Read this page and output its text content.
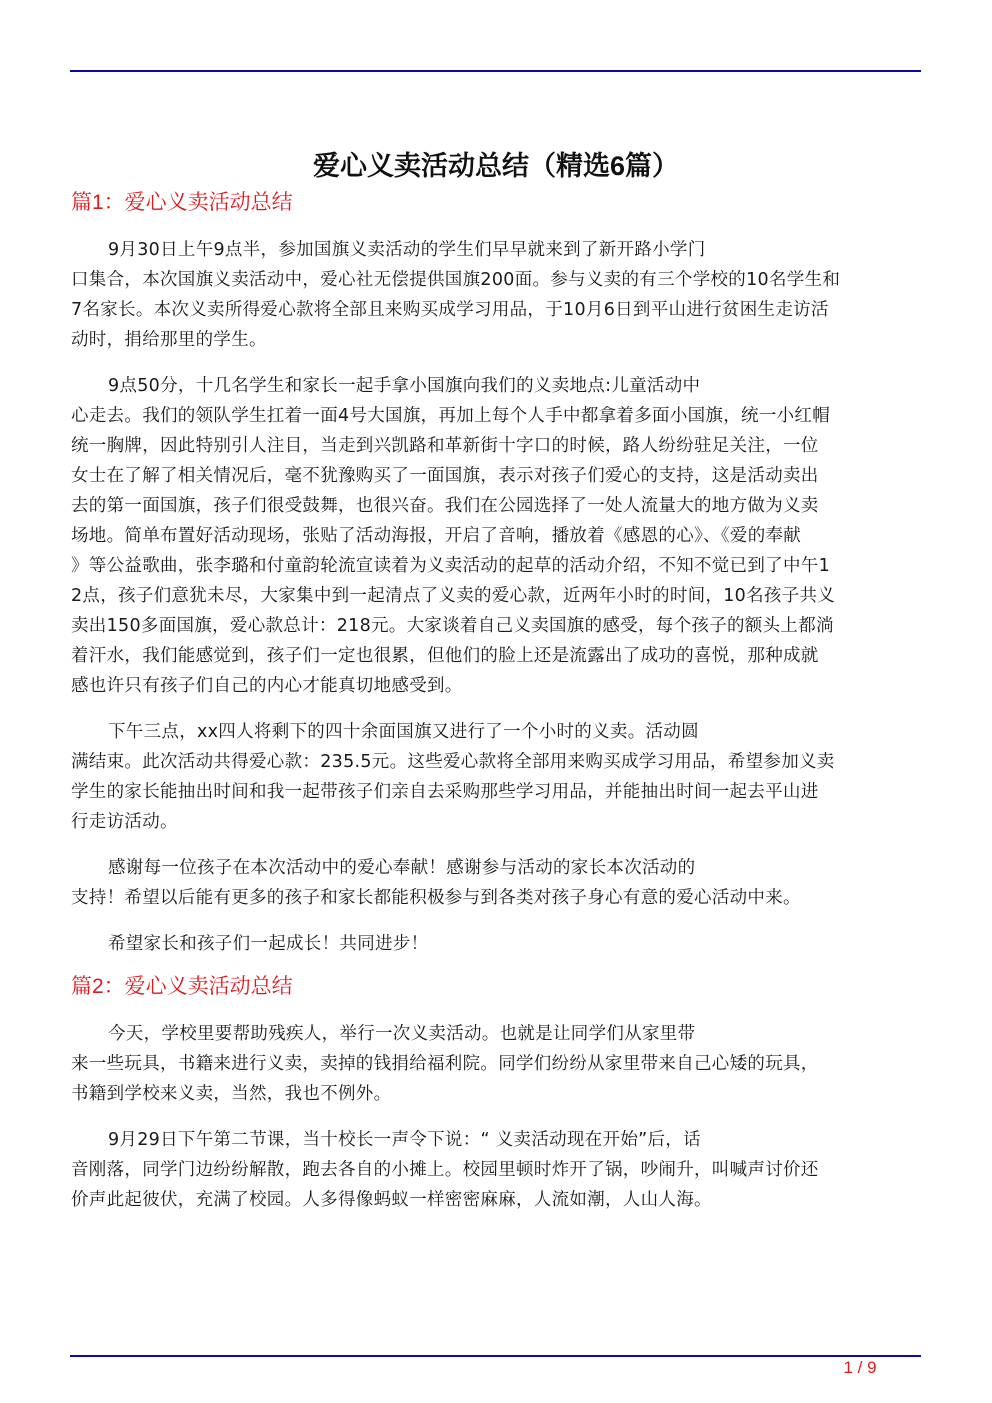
爱心义卖活动总结（精选6篇）
篇1：爱心义卖活动总结

9月30日上午9点半，参加国旗义卖活动的学生们早早就来到了新开路小学门
口集合，本次国旗义卖活动中，爱心社无偿提供国旗200面。参与义卖的有三个学校的10名学生和
7名家长。本次义卖所得爱心款将全部且来购买成学习用品，于10月6日到平山进行贫困生走访活
动时，捐给那里的学生。

9点50分，十几名学生和家长一起手拿小国旗向我们的义卖地点:儿童活动中
心走去。我们的领队学生扛着一面4号大国旗，再加上每个人手中都拿着多面小国旗，统一小红帽
统一胸牌，因此特别引人注目，当走到兴凯路和革新街十字口的时候，路人纷纷驻足关注，一位
女士在了解了相关情况后，毫不犹豫购买了一面国旗，表示对孩子们爱心的支持，这是活动卖出
去的第一面国旗，孩子们很受鼓舞，也很兴奋。我们在公园选择了一处人流量大的地方做为义卖
场地。简单布置好活动现场，张贴了活动海报，开启了音响，播放着《感恩的心》、《爱的奉献
》等公益歌曲，张李璐和付童韵轮流宣读着为义卖活动的起草的活动介绍，不知不觉已到了中午1
2点，孩子们意犹未尽，大家集中到一起清点了义卖的爱心款，近两年小时的时间，10名孩子共义
卖出150多面国旗，爱心款总计：218元。大家谈着自己义卖国旗的感受，每个孩子的额头上都淌
着汗水，我们能感觉到，孩子们一定也很累，但他们的脸上还是流露出了成功的喜悦，那种成就
感也许只有孩子们自己的内心才能真切地感受到。

下午三点，xx四人将剩下的四十余面国旗又进行了一个小时的义卖。活动圆
满结束。此次活动共得爱心款：235.5元。这些爱心款将全部用来购买成学习用品，希望参加义卖
学生的家长能抽出时间和我一起带孩子们亲自去采购那些学习用品，并能抽出时间一起去平山进
行走访活动。

感谢每一位孩子在本次活动中的爱心奉献！感谢参与活动的家长本次活动的
支持！希望以后能有更多的孩子和家长都能积极参与到各类对孩子身心有意的爱心活动中来。

希望家长和孩子们一起成长！共同进步！

篇2：爱心义卖活动总结

今天，学校里要帮助残疾人，举行一次义卖活动。也就是让同学们从家里带
来一些玩具，书籍来进行义卖，卖掉的钱捐给福利院。同学们纷纷从家里带来自己心矮的玩具，
书籍到学校来义卖，当然，我也不例外。

9月29日下午第二节课，当十校长一声令下说：“ 义卖活动现在开始”后，话
音刚落，同学门边纷纷解散，跑去各自的小摊上。校园里顿时炸开了锅，吵闹升，叫喊声讨价还
价声此起彼伏，充满了校园。人多得像蚂蚁一样密密麻麻，人流如潮，人山人海。

1 / 9
